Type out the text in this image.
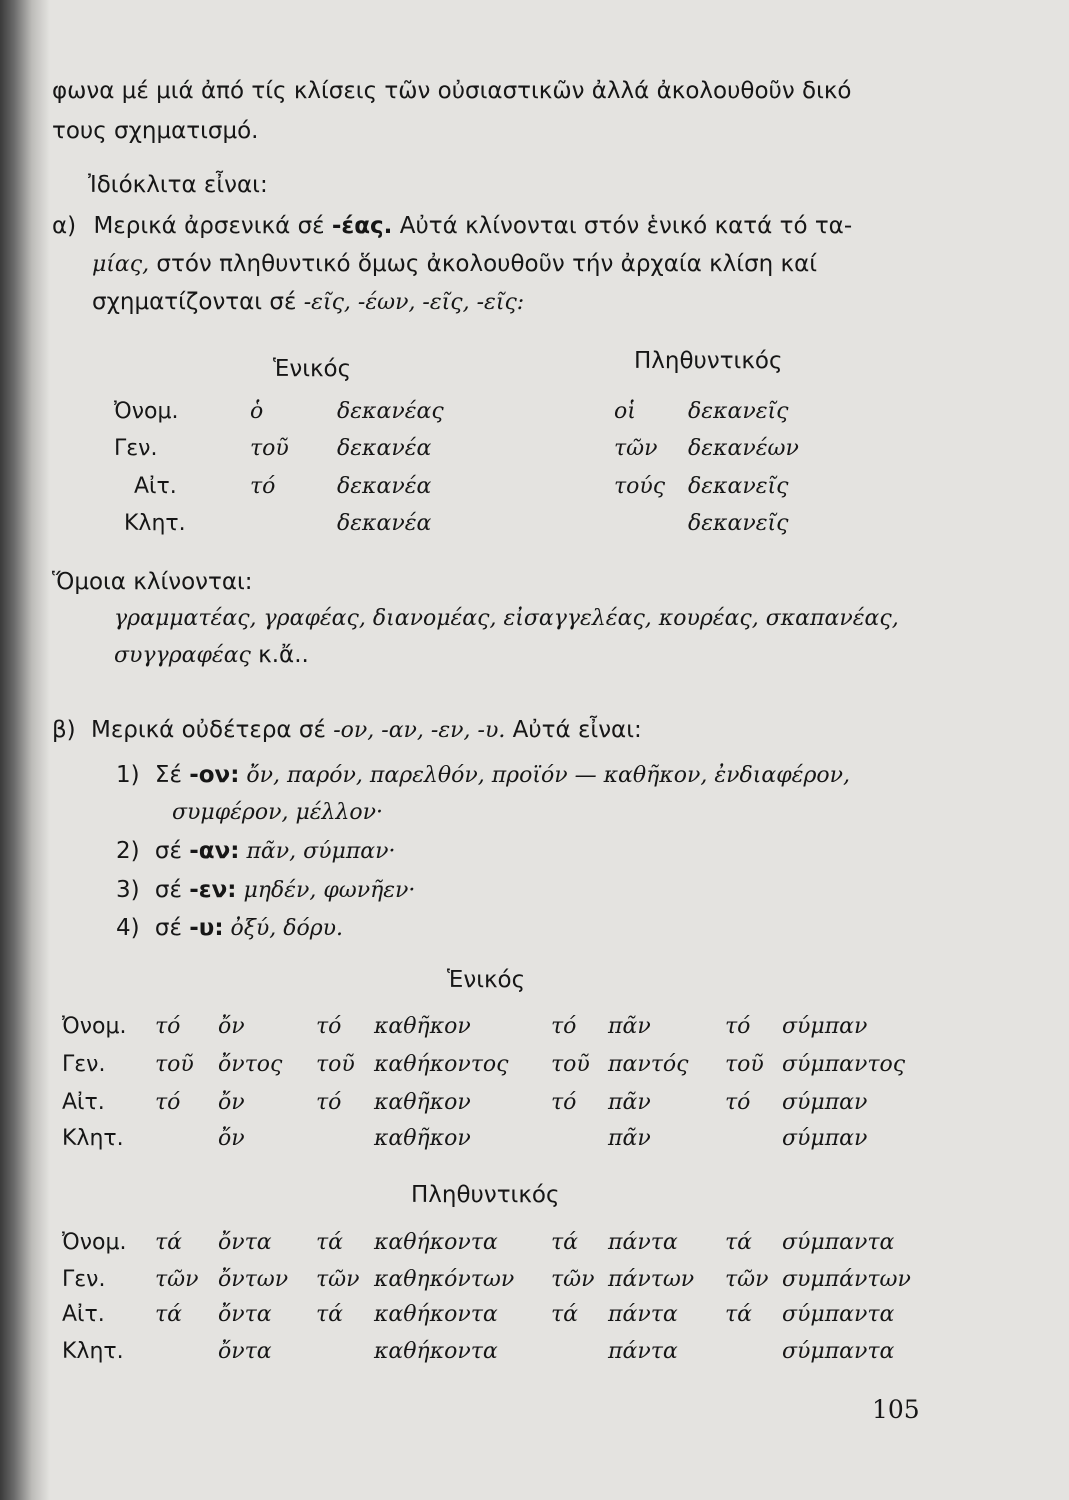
φωνα μέ μιά ἀπό τίς κλίσεις τῶν οὐσιαστικῶν ἀλλά ἀκολουθοῦν δικό
τους σχηματισμό.
Ἰδιόκλιτα εἶναι:
α) Μερικά ἀρσενικά σέ -έας. Αὐτά κλίνονται στόν ἑνικό κατά τό τα-
μίας, στόν πληθυντικό ὅμως ἀκολουθοῦν τήν ἀρχαία κλίση καί
σχηματίζονται σέ -εῖς, -έων, -εῖς, -εῖς:
Ἑνικός	Πληθυντικός
Ὀνομ.	ὁ	δεκανέας	οἱ δεκανεῖς
Γεν.	τοῦ δεκανέα	τῶν δεκανέων
Αἰτ.	τό	δεκανέα	τούς δεκανεῖς
Κλητ.	δεκανέα	δεκανεῖς
Ὅμοια κλίνονται:
γραμματέας, γραφέας, διανομέας, εἰσαγγελέας, κουρέας, σκαπανέας,
συγγραφέας κ.ἄ..
β) Μερικά οὐδέτερα σέ -ον, -αν, -εν, -υ. Αὐτά εἶναι:
1) Σέ -ον: ὄν, παρόν, παρελθόν, προϊόν — καθῆκον, ἐνδιαφέρον,
συμφέρον, μέλλον·
2) σέ -αν: πᾶν, σύμπαν·
3) σέ -εν: μηδέν, φωνῆεν·
4) σέ -υ: ὀξύ, δόρυ.
Ἑνικός
Ὀνομ. τό ὄν	τό καθῆκον	τό πᾶν	τό σύμπαν
Γεν. τοῦ ὄντος τοῦ καθήκοντος τοῦ παντός τοῦ σύμπαντος
Αἰτ. τό ὄν	τό καθῆκον	τό πᾶν	τό σύμπαν
Κλητ.	ὄν	καθῆκον	πᾶν	σύμπαν
Πληθυντικός
Ὀνομ. τά ὄντα τά καθήκοντα τά πάντα τά σύμπαντα
Γεν. τῶν ὄντων τῶν καθηκόντων τῶν πάντων τῶν συμπάντων
Αἰτ. τά ὄντα τά καθήκοντα τά πάντα τά σύμπαντα
Κλητ.	ὄντα	καθήκοντα	πάντα	σύμπαντα
105
